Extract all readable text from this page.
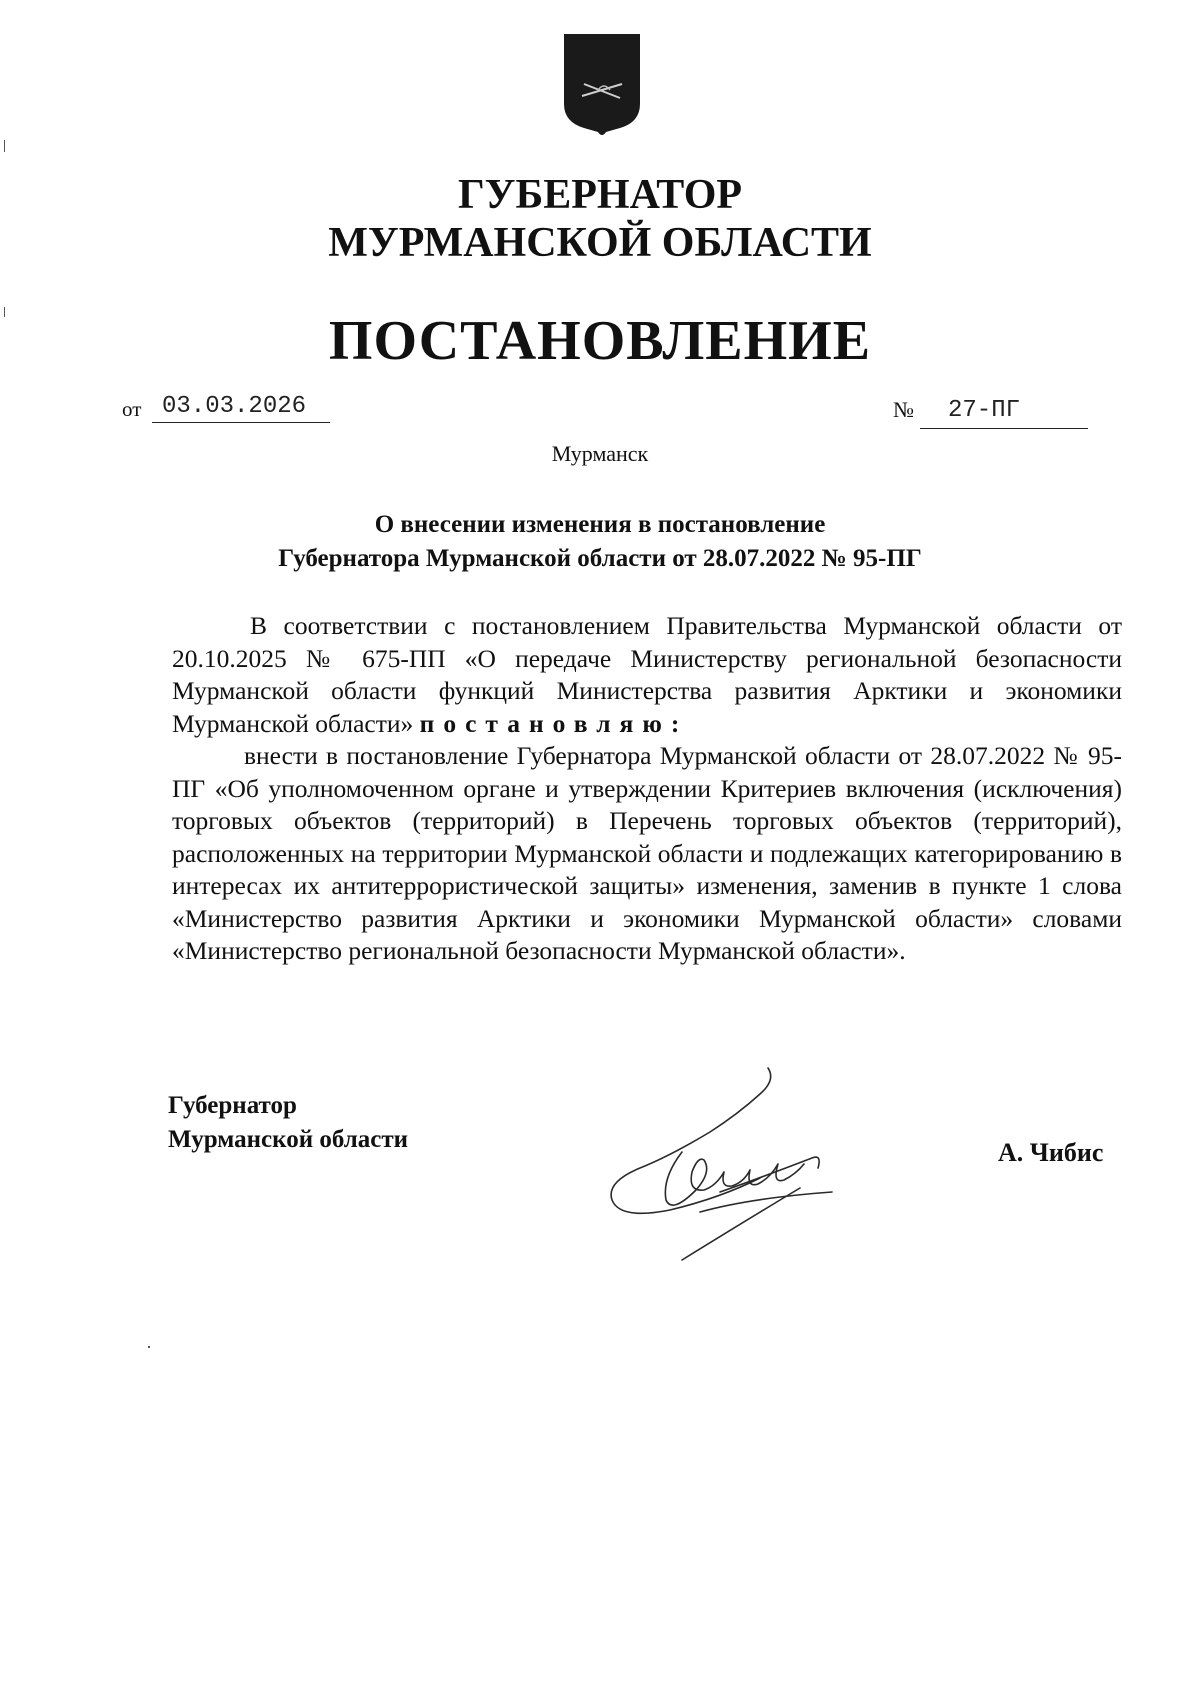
ГУБЕРНАТОР
МУРМАНСКОЙ ОБЛАСТИ
ПОСТАНОВЛЕНИЕ
от 03.03.2026	№ 27-ПГ
Мурманск
О внесении изменения в постановление
Губернатора Мурманской области от 28.07.2022 № 95-ПГ
В соответствии с постановлением Правительства Мурманской области от 20.10.2025 № 675-ПП «О передаче Министерству региональной безопасности Мурманской области функций Министерства развития Арктики и экономики Мурманской области» постановляю:
внести в постановление Губернатора Мурманской области от 28.07.2022 № 95-ПГ «Об уполномоченном органе и утверждении Критериев включения (исключения) торговых объектов (территорий) в Перечень торговых объектов (территорий), расположенных на территории Мурманской области и подлежащих категорированию в интересах их антитеррористической защиты» изменения, заменив в пункте 1 слова «Министерство развития Арктики и экономики Мурманской области» словами «Министерство региональной безопасности Мурманской области».
Губернатор
Мурманской области	А. Чибис
